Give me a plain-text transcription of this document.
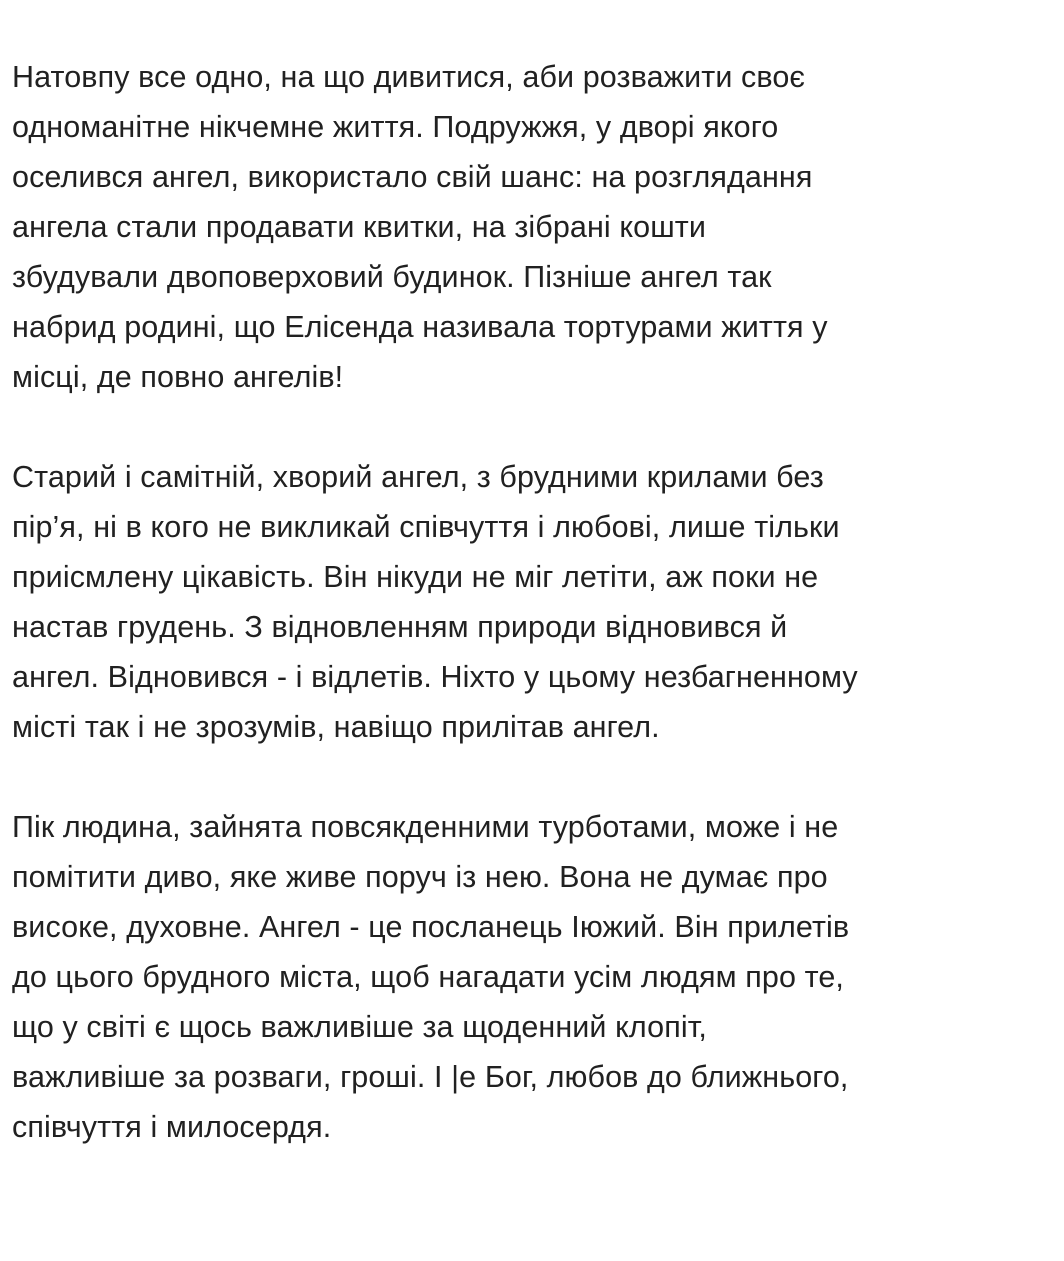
Натовпу все одно, на що дивитися, аби розважити своє
одноманітне нікчемне життя. Подружжя, у дворі якого
оселився ангел, використало свій шанс: на розглядання
ангела стали продавати квитки, на зібрані кошти
збудували двоповерховий будинок. Пізніше ангел так
набрид родині, що Елісенда називала тортурами життя у
місці, де повно ангелів!
Старий і самітній, хворий ангел, з брудними крилами без
пір’я, ні в кого не викликай співчуття і любові, лише тільки
приісмлену цікавість. Він нікуди не міг летіти, аж поки не
настав грудень. З відновленням природи відновився й
ангел. Відновився - і відлетів. Ніхто у цьому незбагненному
місті так і не зрозумів, навіщо прилітав ангел.
Пік людина, зайнята повсякденними турботами, може і не
помітити диво, яке живе поруч із нею. Вона не думає про
високе, духовне. Ангел - це посланець Іюжий. Він прилетів
до цього брудного міста, щоб нагадати усім людям про те,
що у світі є щось важливіше за щоденний клопіт,
важливіше за розваги, гроші. І |е Бог, любов до ближнього,
співчуття і милосердя.
